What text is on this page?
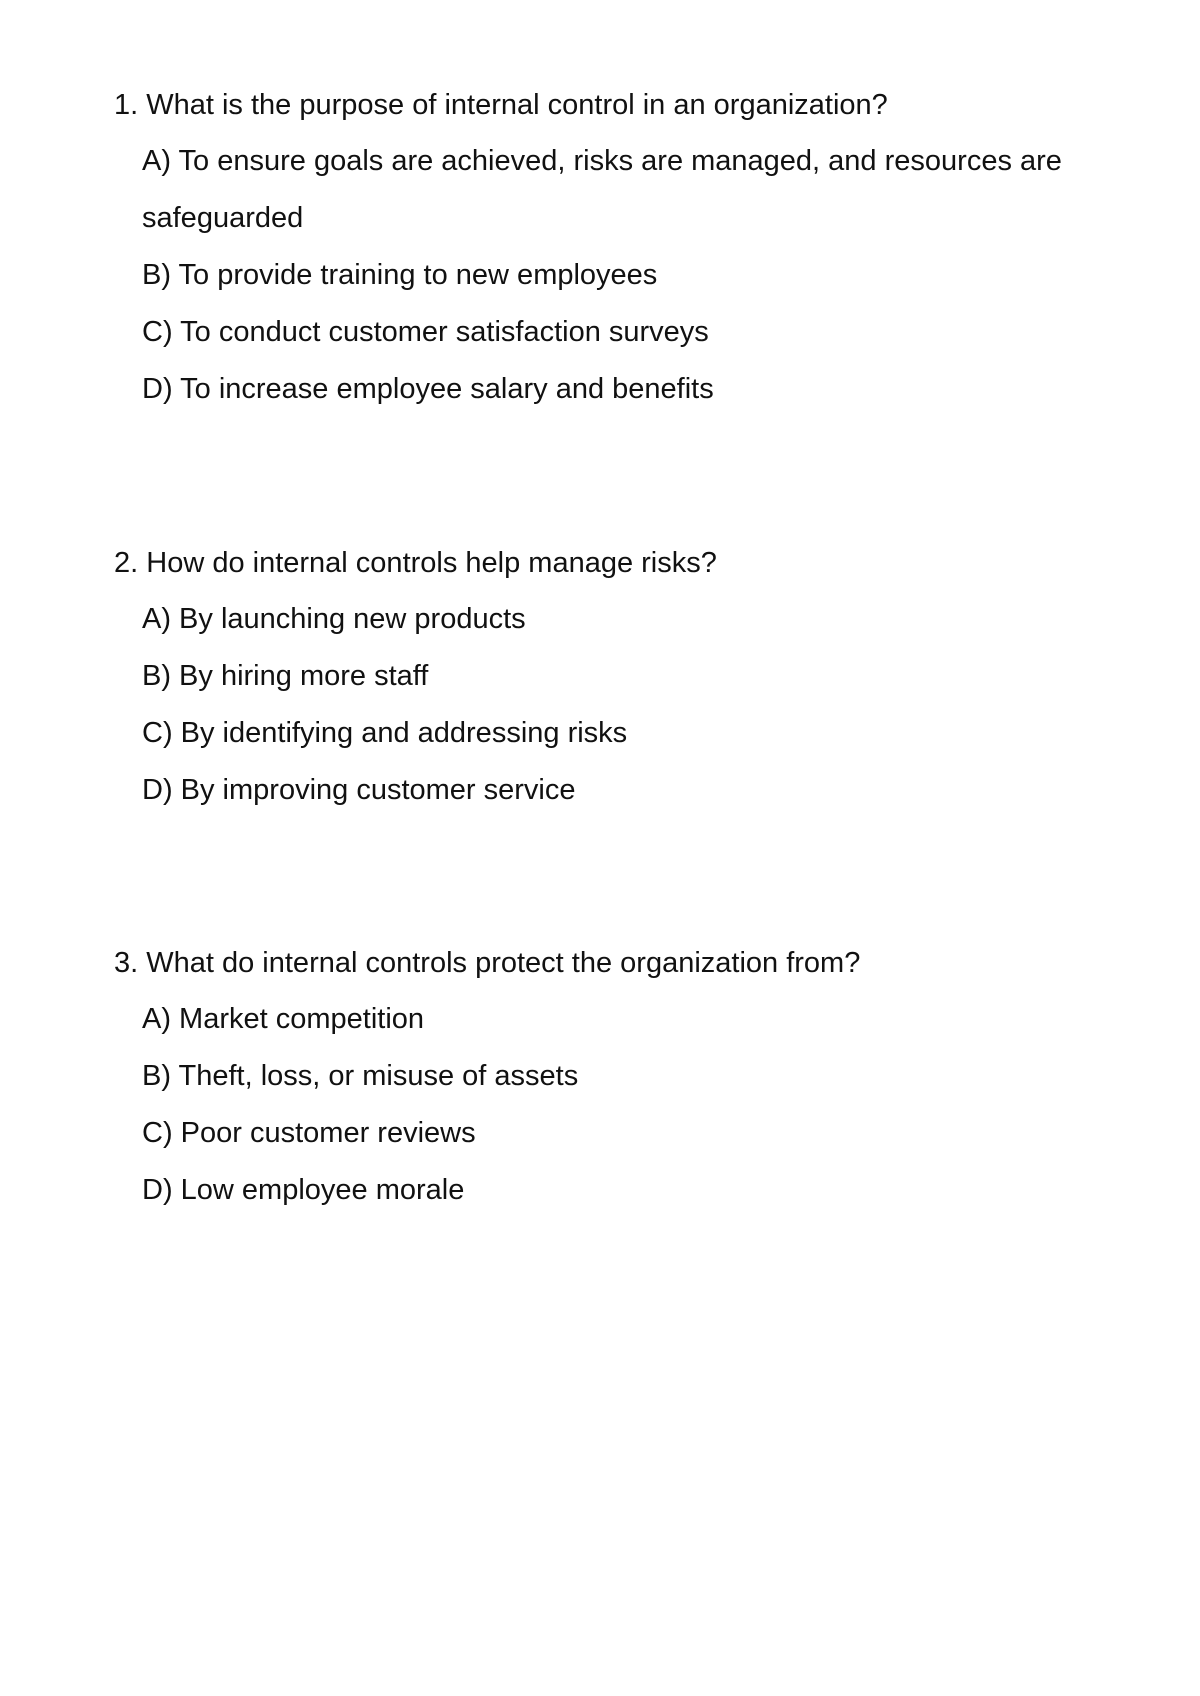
1. What is the purpose of internal control in an organization?

A) To ensure goals are achieved, risks are managed, and resources are safeguarded
B) To provide training to new employees
C) To conduct customer satisfaction surveys
D) To increase employee salary and benefits

2. How do internal controls help manage risks?

A) By launching new products
B) By hiring more staff
C) By identifying and addressing risks
D) By improving customer service

3. What do internal controls protect the organization from?

A) Market competition
B) Theft, loss, or misuse of assets
C) Poor customer reviews
D) Low employee morale
